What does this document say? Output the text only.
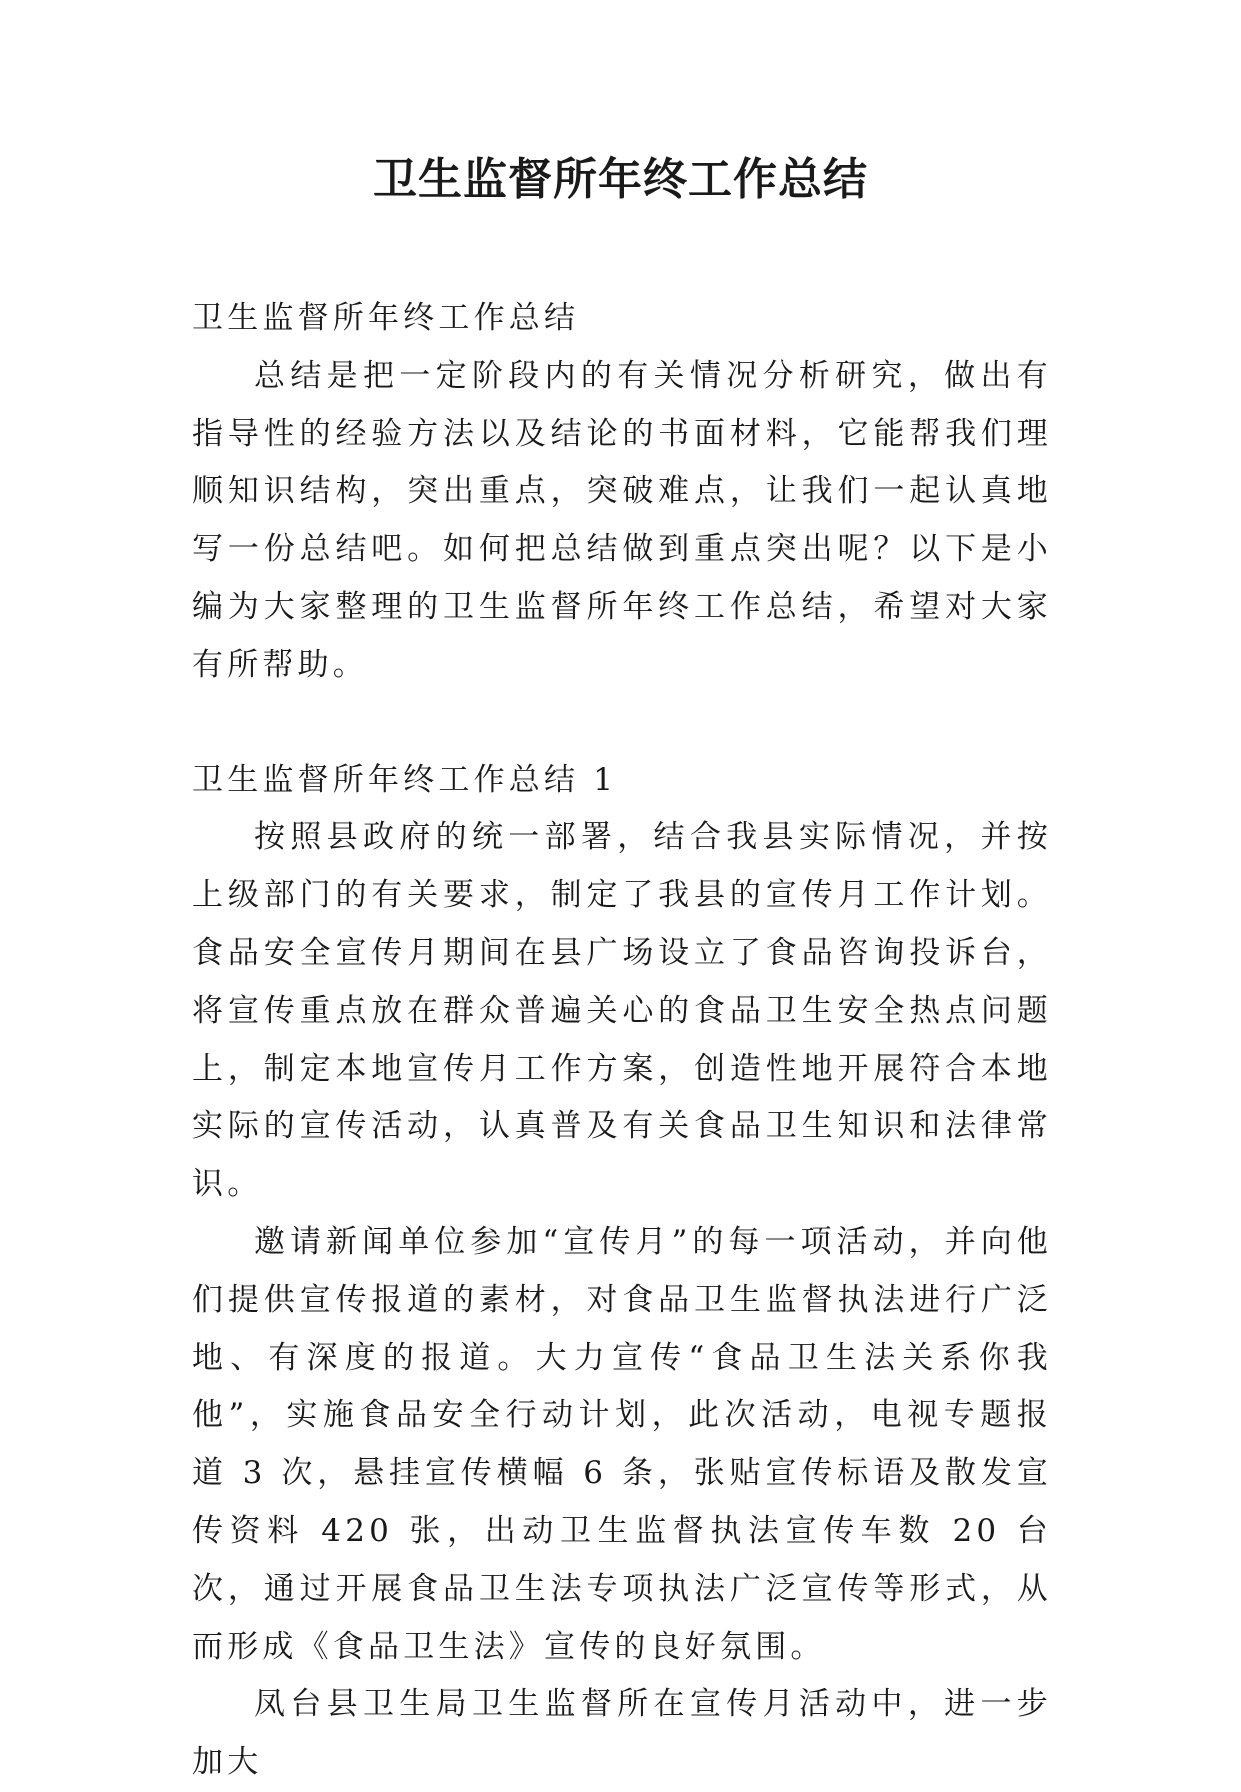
卫生监督所年终工作总结

卫生监督所年终工作总结

总结是把一定阶段内的有关情况分析研究，做出有指导性的经验方法以及结论的书面材料，它能帮我们理顺知识结构，突出重点，突破难点，让我们一起认真地写一份总结吧。如何把总结做到重点突出呢？以下是小编为大家整理的卫生监督所年终工作总结，希望对大家有所帮助。

卫生监督所年终工作总结 1

按照县政府的统一部署，结合我县实际情况，并按上级部门的有关要求，制定了我县的宣传月工作计划。食品安全宣传月期间在县广场设立了食品咨询投诉台，将宣传重点放在群众普遍关心的食品卫生安全热点问题上，制定本地宣传月工作方案，创造性地开展符合本地实际的宣传活动，认真普及有关食品卫生知识和法律常识。

邀请新闻单位参加“宣传月”的每一项活动，并向他们提供宣传报道的素材，对食品卫生监督执法进行广泛地、有深度的报道。大力宣传“食品卫生法关系你我他”，实施食品安全行动计划，此次活动，电视专题报道 3 次，悬挂宣传横幅 6 条，张贴宣传标语及散发宣传资料 420 张，出动卫生监督执法宣传车数 20 台次，通过开展食品卫生法专项执法广泛宣传等形式，从而形成《食品卫生法》宣传的良好氛围。

凤台县卫生局卫生监督所在宣传月活动中，进一步加大
